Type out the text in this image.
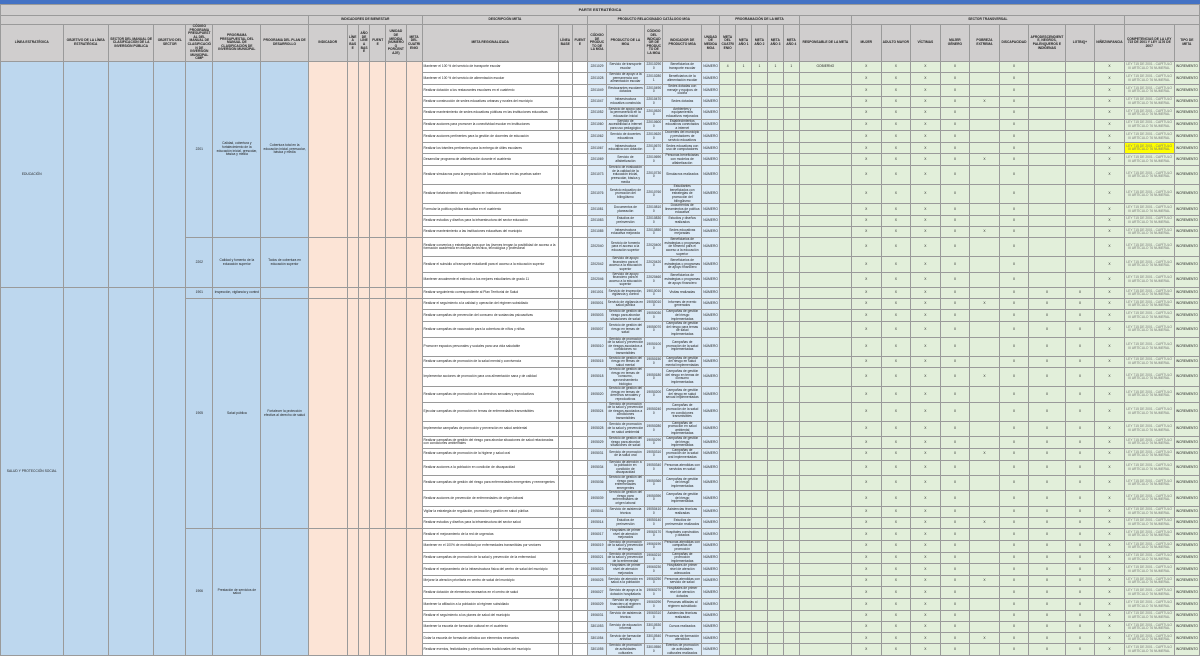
PARTE ESTRATÉGICA																																					
							INDICADORES DE BIENESTAR						DESCRIPCIÓN META			PRODUCTO RELACIONADO CATÁLOGO MGA					PROGRAMACIÓN DE LA META						SECTOR TRANSVERSAL										
LÍNEA ESTRATÉGICA	OBJETIVO DE LA LÍNEA ESTRATÉGICA	SECTOR DEL MANUAL DE CLASIFICACIÓN DE LA INVERSIÓN PÚBLICA	OBJETIVO DEL SECTOR	CÓDIGO PROGRAMA PRESUPUESTAL DEL MANUAL DE CLASIFICACIÓN DE INVERSIÓN MUNICIPAL CIMP	PROGRAMA PRESUPUESTAL DEL MANUAL DE CLASIFICACIÓN DE INVERSIÓN MUNICIPAL	PROGRAMA DEL PLAN DE DESARROLLO	INDICADOR	LÍNEA BASE	AÑO DE LÍNEA BASE	FUENTE	UNIDAD DE MEDIDA (NÚMERO O PORCENTAJE)	META DEL CUATRIENIO	META REGIONALIZADA	LÍNEA BASE	FUENTE	CÓDIGO DE PRODUCTO DE LA MGA	PRODUCTO DE LA MGA	CÓDIGO DEL INDICADOR DE PRODUCTO DE LA MGA	INDICADOR DE PRODUCTO MGA	UNIDAD DE MEDIDA MGA	META DEL CUATRIENIO	META AÑO 1	META AÑO 2	META AÑO 3	META AÑO 4	RESPONSABLE DE LA META	MUJER	ADULTO MAYOR	VÍCTIMAS	MUJER GÉNERO	POBREZA EXTREMA	DISCAPACIDAD	AFRODESCENDIENTE, NEGROS, PALENQUEROS E INDÍGENAS	LGTBIQ+	NIÑEZ/INFANCIA	COMPETENCIAS DE LA LEY 715 DE 2001 Y LEY 1176 DE 2007	TIPO DE META
EDUCACIÓN				2201	Calidad, cobertura y fortalecimiento de la educación inicial, prescolar, básica y media	Cobertura total en la educación inicial, preescolar, básica y media							Mantener el 100 % del servicio de transporte escolar			2201029	Servicio de transporte escolar	220102900	Beneficiarios de transporte escolar	NÚMERO	4	1	1	1	1	GOBIERNO	X	X	X	X		X			X	LEY 715 DE 2001 - CAPÍTULO III ARTÍCULO 76 NUMERAL	INCREMENTO
													Mantener el 100 % del servicio de alimentación escolar			2201028	Servicio de apoyo a la permanencia con alimentación escolar	220102801	Beneficiarios de la alimentación escolar	NÚMERO							X	X	X	X		X			X	LEY 715 DE 2001 - CAPÍTULO III ARTÍCULO 76 NUMERAL	INCREMENTO
													Realizar dotación a los restaurantes escolares en el cuatrienio			2201049	Restaurantes escolares dotados	220104900	Sedes dotadas con menaje y equipos de cocina	NÚMERO							X	X	X	X		X			X	LEY 715 DE 2001 - CAPÍTULO III ARTÍCULO 76 NUMERAL	INCREMENTO
													Realizar construcción de sedes educativas urbanas y rurales del municipio			2201047	Infraestructura educativa construida	220104700	Sedes dotadas	NÚMERO							X	X	X	X	X	X			X	LEY 715 DE 2001 - CAPÍTULO III ARTÍCULO 76 NUMERAL	INCREMENTO
													Realizar mantenimiento de sedes educativas públicas en las instituciones educativas			2201052	Servicio de apoyo para la permanencia en la educación inicial	220105200	Ambientes y equipamientos educativos mejorados	NÚMERO							X	X	X	X		X			X	LEY 715 DE 2001 - CAPÍTULO III ARTÍCULO 76 NUMERAL	INCREMENTO
													Realizar acciones para promover la conectividad escolar en instituciones			2201060	Servicio de accesibilidad a internet para uso pedagógico	220106000	Establecimientos educativos conectados a internet	NÚMERO							X	X	X	X		X			X	LEY 715 DE 2001 - CAPÍTULO III ARTÍCULO 76 NUMERAL	INCREMENTO
													Realizar acciones pertinentes para la gestión de docentes de educación			2201062	Servicio de docentes educativos	220106200	Docentes del municipio y prestadores de servicio educativos	NÚMERO							X	X	X	X		X			X	LEY 715 DE 2001 - CAPÍTULO III ARTÍCULO 76 NUMERAL	INCREMENTO
													Realizar los trámites pertinentes para la entrega de útiles escolares			2201067	Infraestructura educativa con dotación	220106700	Sedes educativas con uso de computadores	NÚMERO							X	X	X	X		X			X	LEY 715 DE 2001 - CAPÍTULO III ARTÍCULO 76 NUMERAL	INCREMENTO
													Desarrollar programa de alfabetización durante el cuatrienio			2201069	Servicio de alfabetización	220106900	Personas beneficiarias con modelos de alfabetización	NÚMERO							X	X	X	X	X	X			X	LEY 715 DE 2001 - CAPÍTULO III ARTÍCULO 76 NUMERAL	INCREMENTO
													Realizar simulacros para la preparación de los estudiantes en las pruebas saber			2201073	Servicio de evaluación de la calidad de la educación inicial, preescolar, básica y media	220107300	Simulacros realizados	NÚMERO							X	X	X	X		X			X	LEY 715 DE 2001 - CAPÍTULO III ARTÍCULO 76 NUMERAL	INCREMENTO
													Realizar fortalecimiento del bilingüismo en instituciones educativas			2201076	Servicio educativo de promoción del bilingüismo	220107600	Estudiantes beneficiados con estrategias de promoción del bilingüismo	NÚMERO							X	X	X	X		X			X	LEY 715 DE 2001 - CAPÍTULO III ARTÍCULO 76 NUMERAL	INCREMENTO
													Formular la política pública educativa en el cuatrienio			2201081	Documentos de planeación	220108100	Documentos de lineamientos de política educativa	NÚMERO							X	X	X	X		X			X	LEY 715 DE 2001 - CAPÍTULO III ARTÍCULO 76 NUMERAL	INCREMENTO
													Realizar estudios y diseños para la infraestructura del sector educación			2201083	Estudios de preinversión	220108300	Estudios y diseños realizados	NÚMERO							X	X	X	X		X			X	LEY 715 DE 2001 - CAPÍTULO III ARTÍCULO 76 NUMERAL	INCREMENTO
													Realizar mantenimiento a las instituciones educativas del municipio			2201085	Infraestructura educativa mejorada	220108500	Sedes educativas mejoradas	NÚMERO							X	X	X	X	X	X			X	LEY 715 DE 2001 - CAPÍTULO III ARTÍCULO 76 NUMERAL	INCREMENTO
				2202	Calidad y fomento de la educación superior	Todos de cobertura en educación superior							Realizar convenios y estrategias para que los jóvenes tengan la posibilidad de acceso a la formación académica en educación técnica, tecnológica y profesional			2202040	Servicio de fomento para el acceso a la educación superior	220204000	Beneficiarios de estrategias o programas de fomento para el acceso a la educación superior	NÚMERO							X	X	X	X		X			X	LEY 715 DE 2001 - CAPÍTULO III ARTÍCULO 76 NUMERAL	INCREMENTO
													Realizar el subsidio al transporte estudiantil para el acceso a la educación superior			2202042	Servicio de apoyo financiero para el acceso a la educación superior	220204200	Beneficiarios de estrategias o programas de apoyo financiero	NÚMERO							X	X	X	X		X			X	LEY 715 DE 2001 - CAPÍTULO III ARTÍCULO 76 NUMERAL	INCREMENTO
													Mantener anualmente el estímulo a los mejores estudiantes de grado 11			2202046	Servicio de apoyo financiero para el acceso a la educación superior	220204600	Beneficiarios de estrategias o programas de apoyo financiero	NÚMERO							X	X	X	X		X			X	LEY 715 DE 2001 - CAPÍTULO III ARTÍCULO 76 NUMERAL	INCREMENTO
SALUD Y PROTECCIÓN SOCIAL				1901	Inspección, vigilancia y control								Realizar seguimiento correspondiente al Plan Territorial de Salud			1901001	Servicio de inspección, vigilancia y control	190100100	Visitas realizadas	NÚMERO							X	X	X	X		X	X	X	X	LEY 715 DE 2001 - CAPÍTULO III ARTÍCULO 76 NUMERAL	INCREMENTO
				1905	Salud pública	Fortalecer la protección efectiva al derecho de salud							Realizar el seguimiento a la calidad y operación del régimen subsidiado			1905001	Servicio de vigilancia en salud pública	190500100	Informes de evento generados	NÚMERO							X	X	X	X	X	X	X	X	X	LEY 715 DE 2001 - CAPÍTULO III ARTÍCULO 76 NUMERAL	INCREMENTO
													Realizar campañas de prevención del consumo de sustancias psicoactivas			1905003	Servicio de gestión del riesgo para abordar situaciones de salud	190500300	Campañas de gestión del riesgo implementadas	NÚMERO							X	X	X	X		X	X	X	X	LEY 715 DE 2001 - CAPÍTULO III ARTÍCULO 76 NUMERAL	INCREMENTO
													Realizar campañas de vacunación para la cobertura de niños y niñas			1905007	Servicio de gestión del riesgo en temas de salud	190500700	Campañas de gestión del riesgo para temas de salud implementadas	NÚMERO							X	X	X	X		X	X	X	X	LEY 715 DE 2001 - CAPÍTULO III ARTÍCULO 76 NUMERAL	INCREMENTO
													Promover espacios personales y sociales para una vida saludable			1905010	Servicio de promoción de la salud y prevención de riesgos asociados a condiciones no transmisibles	190501000	Campañas de promoción de la salud implementadas	NÚMERO							X	X	X	X		X	X	X	X	LEY 715 DE 2001 - CAPÍTULO III ARTÍCULO 76 NUMERAL	INCREMENTO
													Realizar campañas de promoción de la salud mental y convivencia			1905015	Servicio de gestión del riesgo en temas de salud mental	190501500	Campañas de gestión del riesgo en salud mental implementadas	NÚMERO							X	X	X	X		X	X	X	X	LEY 715 DE 2001 - CAPÍTULO III ARTÍCULO 76 NUMERAL	INCREMENTO
													Implementar acciones de promoción para una alimentación sana y de calidad			1905018	Servicio de gestión del riesgo en temas de consumo, aprovechamiento biológico	190501800	Campañas de gestión del riesgo en temas de consumo implementadas	NÚMERO							X	X	X	X	X	X	X	X	X	LEY 715 DE 2001 - CAPÍTULO III ARTÍCULO 76 NUMERAL	INCREMENTO
													Realizar campañas de promoción de los derechos sexuales y reproductivos			1905020	Servicio de gestión del riesgo en temas de derechos sexuales y reproductivos	190502000	Campañas de gestión del riesgo en salud sexual implementadas	NÚMERO							X	X	X	X		X	X	X	X	LEY 715 DE 2001 - CAPÍTULO III ARTÍCULO 76 NUMERAL	INCREMENTO
													Ejecutar campañas de promoción en temas de enfermedades transmisibles			1905024	Servicio de promoción de la salud y prevención de riesgos asociados a condiciones transmisibles	190502400	Campañas de promoción de la salud en condiciones transmisibles	NÚMERO							X	X	X	X		X	X	X	X	LEY 715 DE 2001 - CAPÍTULO III ARTÍCULO 76 NUMERAL	INCREMENTO
													Implementar campañas de promoción y prevención en salud ambiental			1905028	Servicio de promoción de la salud y prevención en salud ambiental	190502800	Campañas de promoción en salud ambiental implementadas	NÚMERO							X	X	X	X		X	X	X	X	LEY 715 DE 2001 - CAPÍTULO III ARTÍCULO 76 NUMERAL	INCREMENTO
													Realizar campañas de gestión del riesgo para abordar situaciones de salud relacionadas con condiciones ambientales			1905029	Servicio de gestión del riesgo para abordar situaciones de salud	190502900	Campañas de gestión del riesgo implementadas	NÚMERO							X	X	X	X		X	X	X	X	LEY 715 DE 2001 - CAPÍTULO III ARTÍCULO 76 NUMERAL	INCREMENTO
													Realizar campañas de promoción de la higiene y salud oral			1905031	Servicio de promoción de la salud oral	190503100	Campañas de promoción de la salud oral implementadas	NÚMERO							X	X	X	X	X	X	X	X	X	LEY 715 DE 2001 - CAPÍTULO III ARTÍCULO 76 NUMERAL	INCREMENTO
													Realizar acciones a la población en condición de discapacidad			1905034	Servicio de atención a la población en condición de discapacidad	190503400	Personas atendidas con servicios en salud	NÚMERO							X	X	X	X		X	X	X	X	LEY 715 DE 2001 - CAPÍTULO III ARTÍCULO 76 NUMERAL	INCREMENTO
													Realizar campañas de gestión del riesgo para enfermedades emergentes y reemergentes			1905036	Servicio de gestión del riesgo para enfermedades emergentes	190503600	Campañas de gestión del riesgo implementadas	NÚMERO							X	X	X	X		X	X	X	X	LEY 715 DE 2001 - CAPÍTULO III ARTÍCULO 76 NUMERAL	INCREMENTO
													Realizar acciones de prevención de enfermedades de origen laboral			1905039	Servicio de gestión del riesgo para enfermedades de origen laboral	190503900	Campañas de gestión del riesgo implementadas	NÚMERO							X	X	X	X		X	X	X	X	LEY 715 DE 2001 - CAPÍTULO III ARTÍCULO 76 NUMERAL	INCREMENTO
													Vigilar la estrategia de regulación, promoción y gestión en salud pública			1905041	Servicio de asistencia técnica	190504100	Asistencias técnicas realizadas	NÚMERO							X	X	X	X		X	X	X	X	LEY 715 DE 2001 - CAPÍTULO III ARTÍCULO 76 NUMERAL	INCREMENTO
													Realizar estudios y diseños para la infraestructura del sector salud			1905014	Estudios de preinversión	190501400	Estudios de preinversión realizados	NÚMERO							X	X	X	X	X	X	X	X	X	LEY 715 DE 2001 - CAPÍTULO III ARTÍCULO 76 NUMERAL	INCREMENTO
				1906	Prestación de servicios de salud								Realizar el mejoramiento de la red de urgencias			1906017	Hospitales de primer nivel de atención mejorados	190601700	Hospitales construidos y dotados	NÚMERO							X	X	X	X		X	X	X	X	LEY 715 DE 2001 - CAPÍTULO III ARTÍCULO 76 NUMERAL	INCREMENTO
													Mantener en el 100% de morbilidad por enfermedades transmitidas por vectores			1906019	Servicio de promoción de la salud y prevención de riesgos	190601900	Personas atendidas con campañas de promoción	NÚMERO							X	X	X	X		X	X	X	X	LEY 715 DE 2001 - CAPÍTULO III ARTÍCULO 76 NUMERAL	INCREMENTO
													Realizar campañas de promoción de la salud y prevención de la enfermedad			1906021	Servicio de promoción de la salud y prevención de la enfermedad	190602100	Campañas de promoción implementadas	NÚMERO							X	X	X	X		X	X	X	X	LEY 715 DE 2001 - CAPÍTULO III ARTÍCULO 76 NUMERAL	INCREMENTO
													Realizar el mejoramiento de la infraestructura física del centro de salud del municipio			1906023	Hospitales de primer nivel de atención mejorados	190602300	Hospitales de primer nivel de atención adecuados	NÚMERO							X	X	X	X		X	X	X	X	LEY 715 DE 2001 - CAPÍTULO III ARTÍCULO 76 NUMERAL	INCREMENTO
													Mejorar la atención prioritaria en centro de salud del municipio			1906025	Servicio de atención en salud a la población	190602500	Personas atendidas con servicio de salud	NÚMERO							X	X	X	X	X	X	X	X	X	LEY 715 DE 2001 - CAPÍTULO III ARTÍCULO 76 NUMERAL	INCREMENTO
													Realizar dotación de elementos necesarios en el centro de salud			1906027	Servicio de apoyo a la dotación hospitalaria	190602700	Hospitales de primer nivel de atención dotados	NÚMERO							X	X	X	X		X	X	X	X	LEY 715 DE 2001 - CAPÍTULO III ARTÍCULO 76 NUMERAL	INCREMENTO
													Mantener la afiliación a la población al régimen subsidiado			1906029	Servicio de apoyo financiero al régimen subsidiado	190602900	Personas afiliadas al régimen subsidiado	NÚMERO							X	X	X	X		X	X	X	X	LEY 715 DE 2001 - CAPÍTULO III ARTÍCULO 76 NUMERAL	INCREMENTO
													Realizar el seguimiento a los planes de salud del municipio			1906031	Servicio de asistencia técnica	190603100	Asistencias técnicas realizadas	NÚMERO							X	X	X	X		X	X	X	X	LEY 715 DE 2001 - CAPÍTULO III ARTÍCULO 76 NUMERAL	INCREMENTO
													Mantener la escuela de formación cultural en el cuatrienio			3301053	Servicio de educación informal	330105300	Cursos realizados	NÚMERO							X	X	X	X		X	X	X	X	LEY 715 DE 2001 - CAPÍTULO III ARTÍCULO 76 NUMERAL	INCREMENTO
													Dotar la escuela de formación artística con elementos necesarios			3301054	Servicio de formación artística	330105400	Procesos de formación atendidos	NÚMERO							X	X	X	X	X	X	X	X	X	LEY 715 DE 2001 - CAPÍTULO III ARTÍCULO 76 NUMERAL	INCREMENTO
													Realizar eventos, festividades y celebraciones tradicionales del municipio			3301055	Servicio de promoción de actividades culturales	330105500	Eventos de promoción de actividades culturales realizados	NÚMERO							X	X	X	X		X	X	X	X	LEY 715 DE 2001 - CAPÍTULO III ARTÍCULO 76 NUMERAL	INCREMENTO
